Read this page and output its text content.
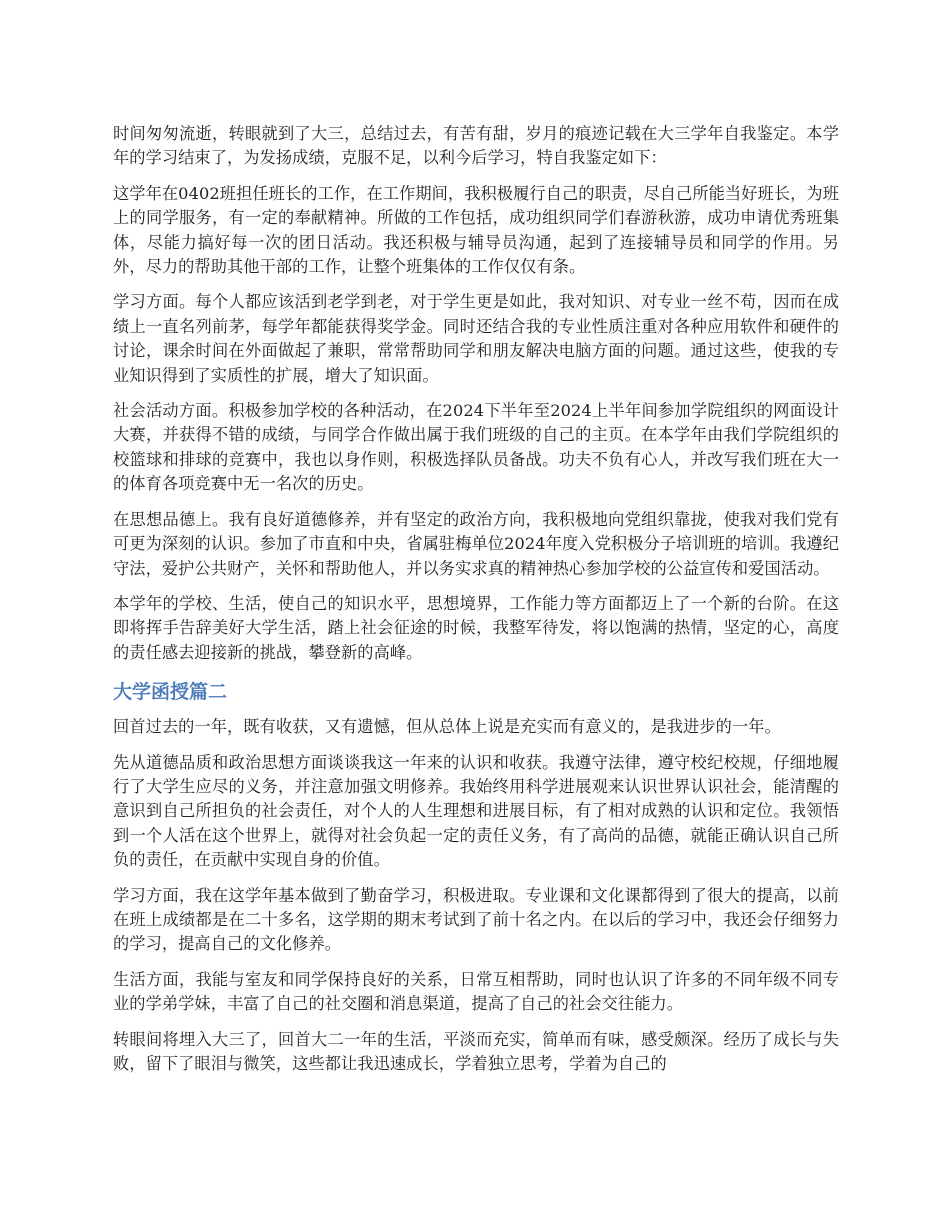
时间匆匆流逝，转眼就到了大三，总结过去，有苦有甜，岁月的痕迹记载在大三学年自我鉴定。本学年的学习结束了，为发扬成绩，克服不足，以利今后学习，特自我鉴定如下：

这学年在0402班担任班长的工作，在工作期间，我积极履行自己的职责，尽自己所能当好班长，为班上的同学服务，有一定的奉献精神。所做的工作包括，成功组织同学们春游秋游，成功申请优秀班集体，尽能力搞好每一次的团日活动。我还积极与辅导员沟通，起到了连接辅导员和同学的作用。另外，尽力的帮助其他干部的工作，让整个班集体的工作仅仅有条。

学习方面。每个人都应该活到老学到老，对于学生更是如此，我对知识、对专业一丝不苟，因而在成绩上一直名列前茅，每学年都能获得奖学金。同时还结合我的专业性质注重对各种应用软件和硬件的讨论，课余时间在外面做起了兼职，常常帮助同学和朋友解决电脑方面的问题。通过这些，使我的专业知识得到了实质性的扩展，增大了知识面。

社会活动方面。积极参加学校的各种活动，在2024下半年至2024上半年间参加学院组织的网面设计大赛，并获得不错的成绩，与同学合作做出属于我们班级的自己的主页。在本学年由我们学院组织的校篮球和排球的竞赛中，我也以身作则，积极选择队员备战。功夫不负有心人，并改写我们班在大一的体育各项竞赛中无一名次的历史。

在思想品德上。我有良好道德修养，并有坚定的政治方向，我积极地向党组织靠拢，使我对我们党有可更为深刻的认识。参加了市直和中央，省属驻梅单位2024年度入党积极分子培训班的培训。我遵纪守法，爱护公共财产，关怀和帮助他人，并以务实求真的精神热心参加学校的公益宣传和爱国活动。

本学年的学校、生活，使自己的知识水平，思想境界，工作能力等方面都迈上了一个新的台阶。在这即将挥手告辞美好大学生活，踏上社会征途的时候，我整军待发，将以饱满的热情，坚定的心，高度的责任感去迎接新的挑战，攀登新的高峰。

大学函授篇二

回首过去的一年，既有收获，又有遗憾，但从总体上说是充实而有意义的，是我进步的一年。

先从道德品质和政治思想方面谈谈我这一年来的认识和收获。我遵守法律，遵守校纪校规，仔细地履行了大学生应尽的义务，并注意加强文明修养。我始终用科学进展观来认识世界认识社会，能清醒的意识到自己所担负的社会责任，对个人的人生理想和进展目标，有了相对成熟的认识和定位。我领悟到一个人活在这个世界上，就得对社会负起一定的责任义务，有了高尚的品德，就能正确认识自己所负的责任，在贡献中实现自身的价值。

学习方面，我在这学年基本做到了勤奋学习，积极进取。专业课和文化课都得到了很大的提高，以前在班上成绩都是在二十多名，这学期的期末考试到了前十名之内。在以后的学习中，我还会仔细努力的学习，提高自己的文化修养。

生活方面，我能与室友和同学保持良好的关系，日常互相帮助，同时也认识了许多的不同年级不同专业的学弟学妹，丰富了自己的社交圈和消息渠道，提高了自己的社会交往能力。

转眼间将埋入大三了，回首大二一年的生活，平淡而充实，简单而有味，感受颇深。经历了成长与失败，留下了眼泪与微笑，这些都让我迅速成长，学着独立思考，学着为自己的
